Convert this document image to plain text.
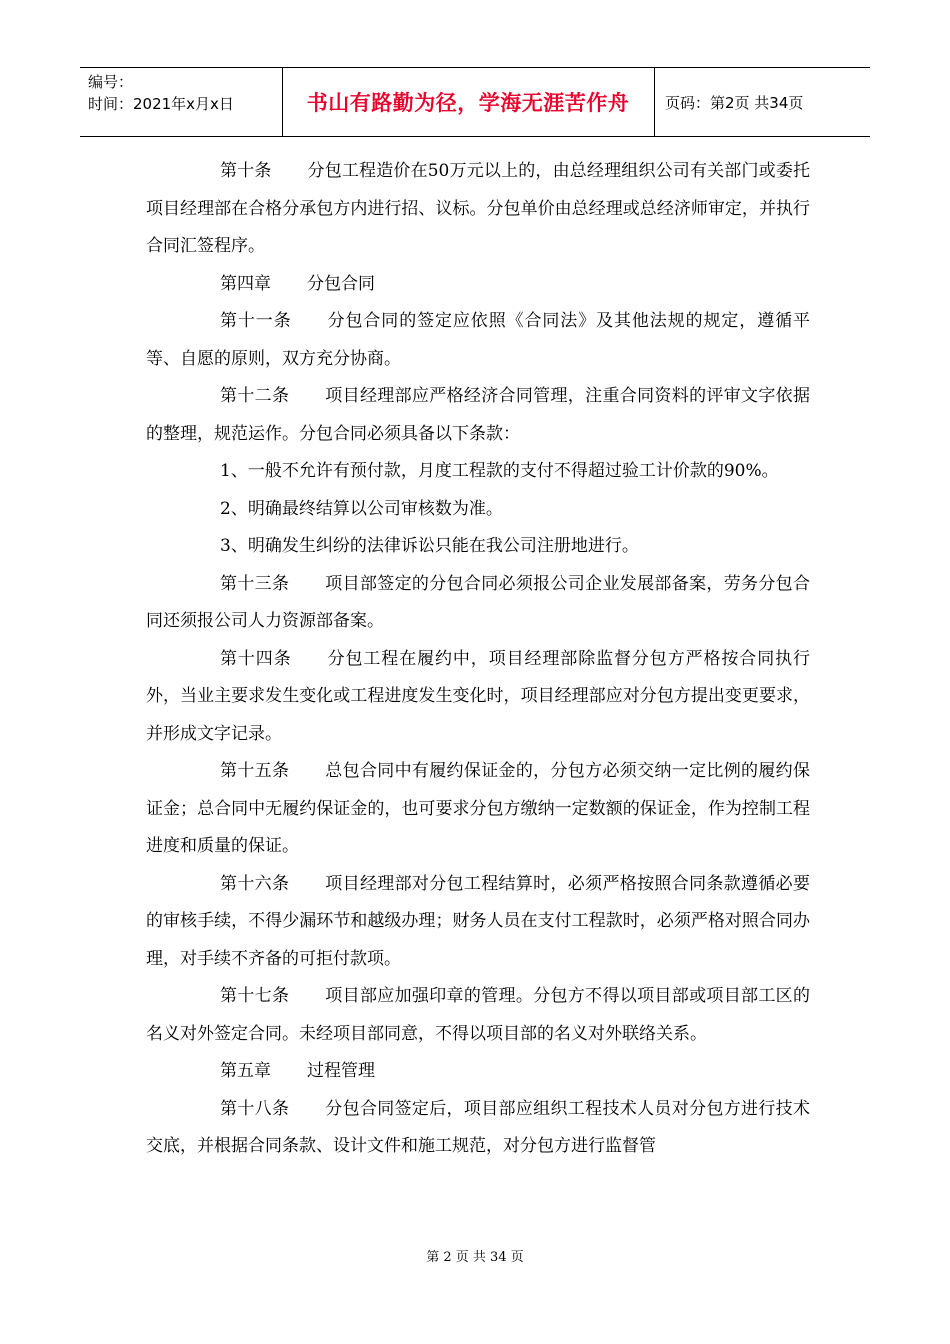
编号：
时间：2021年x月x日	书山有路勤为径，学海无涯苦作舟	页码：第2页 共34页

第十条 分包工程造价在50万元以上的，由总经理组织公司有关部门或委托项目经理部在合格分承包方内进行招、议标。分包单价由总经理或总经济师审定，并执行合同汇签程序。

第四章 分包合同

第十一条 分包合同的签定应依照《合同法》及其他法规的规定，遵循平等、自愿的原则，双方充分协商。

第十二条 项目经理部应严格经济合同管理，注重合同资料的评审文字依据的整理，规范运作。分包合同必须具备以下条款：

1、一般不允许有预付款，月度工程款的支付不得超过验工计价款的90%。

2、明确最终结算以公司审核数为准。

3、明确发生纠纷的法律诉讼只能在我公司注册地进行。

第十三条 项目部签定的分包合同必须报公司企业发展部备案，劳务分包合同还须报公司人力资源部备案。

第十四条 分包工程在履约中，项目经理部除监督分包方严格按合同执行外，当业主要求发生变化或工程进度发生变化时，项目经理部应对分包方提出变更要求，并形成文字记录。

第十五条 总包合同中有履约保证金的，分包方必须交纳一定比例的履约保证金；总合同中无履约保证金的，也可要求分包方缴纳一定数额的保证金，作为控制工程进度和质量的保证。

第十六条 项目经理部对分包工程结算时，必须严格按照合同条款遵循必要的审核手续，不得少漏环节和越级办理；财务人员在支付工程款时，必须严格对照合同办理，对手续不齐备的可拒付款项。

第十七条 项目部应加强印章的管理。分包方不得以项目部或项目部工区的名义对外签定合同。未经项目部同意，不得以项目部的名义对外联络关系。

第五章 过程管理

第十八条 分包合同签定后，项目部应组织工程技术人员对分包方进行技术交底，并根据合同条款、设计文件和施工规范，对分包方进行监督管

第 2 页 共 34 页
